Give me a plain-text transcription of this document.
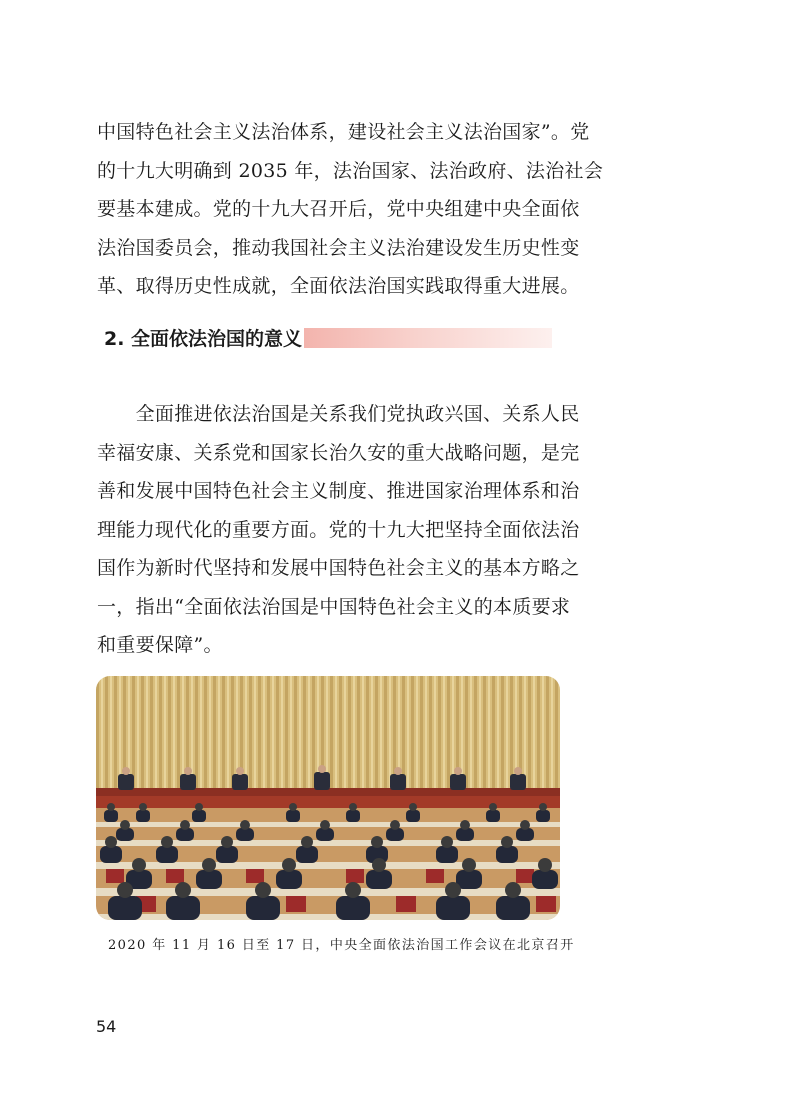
中国特色社会主义法治体系，建设社会主义法治国家”。党
的十九大明确到 2035 年，法治国家、法治政府、法治社会
要基本建成。党的十九大召开后，党中央组建中央全面依
法治国委员会，推动我国社会主义法治建设发生历史性变
革、取得历史性成就，全面依法治国实践取得重大进展。
2. 全面依法治国的意义
　　全面推进依法治国是关系我们党执政兴国、关系人民
幸福安康、关系党和国家长治久安的重大战略问题，是完
善和发展中国特色社会主义制度、推进国家治理体系和治
理能力现代化的重要方面。党的十九大把坚持全面依法治
国作为新时代坚持和发展中国特色社会主义的基本方略之
一，指出“全面依法治国是中国特色社会主义的本质要求
和重要保障”。
2020 年 11 月 16 日至 17 日，中央全面依法治国工作会议在北京召开
54
